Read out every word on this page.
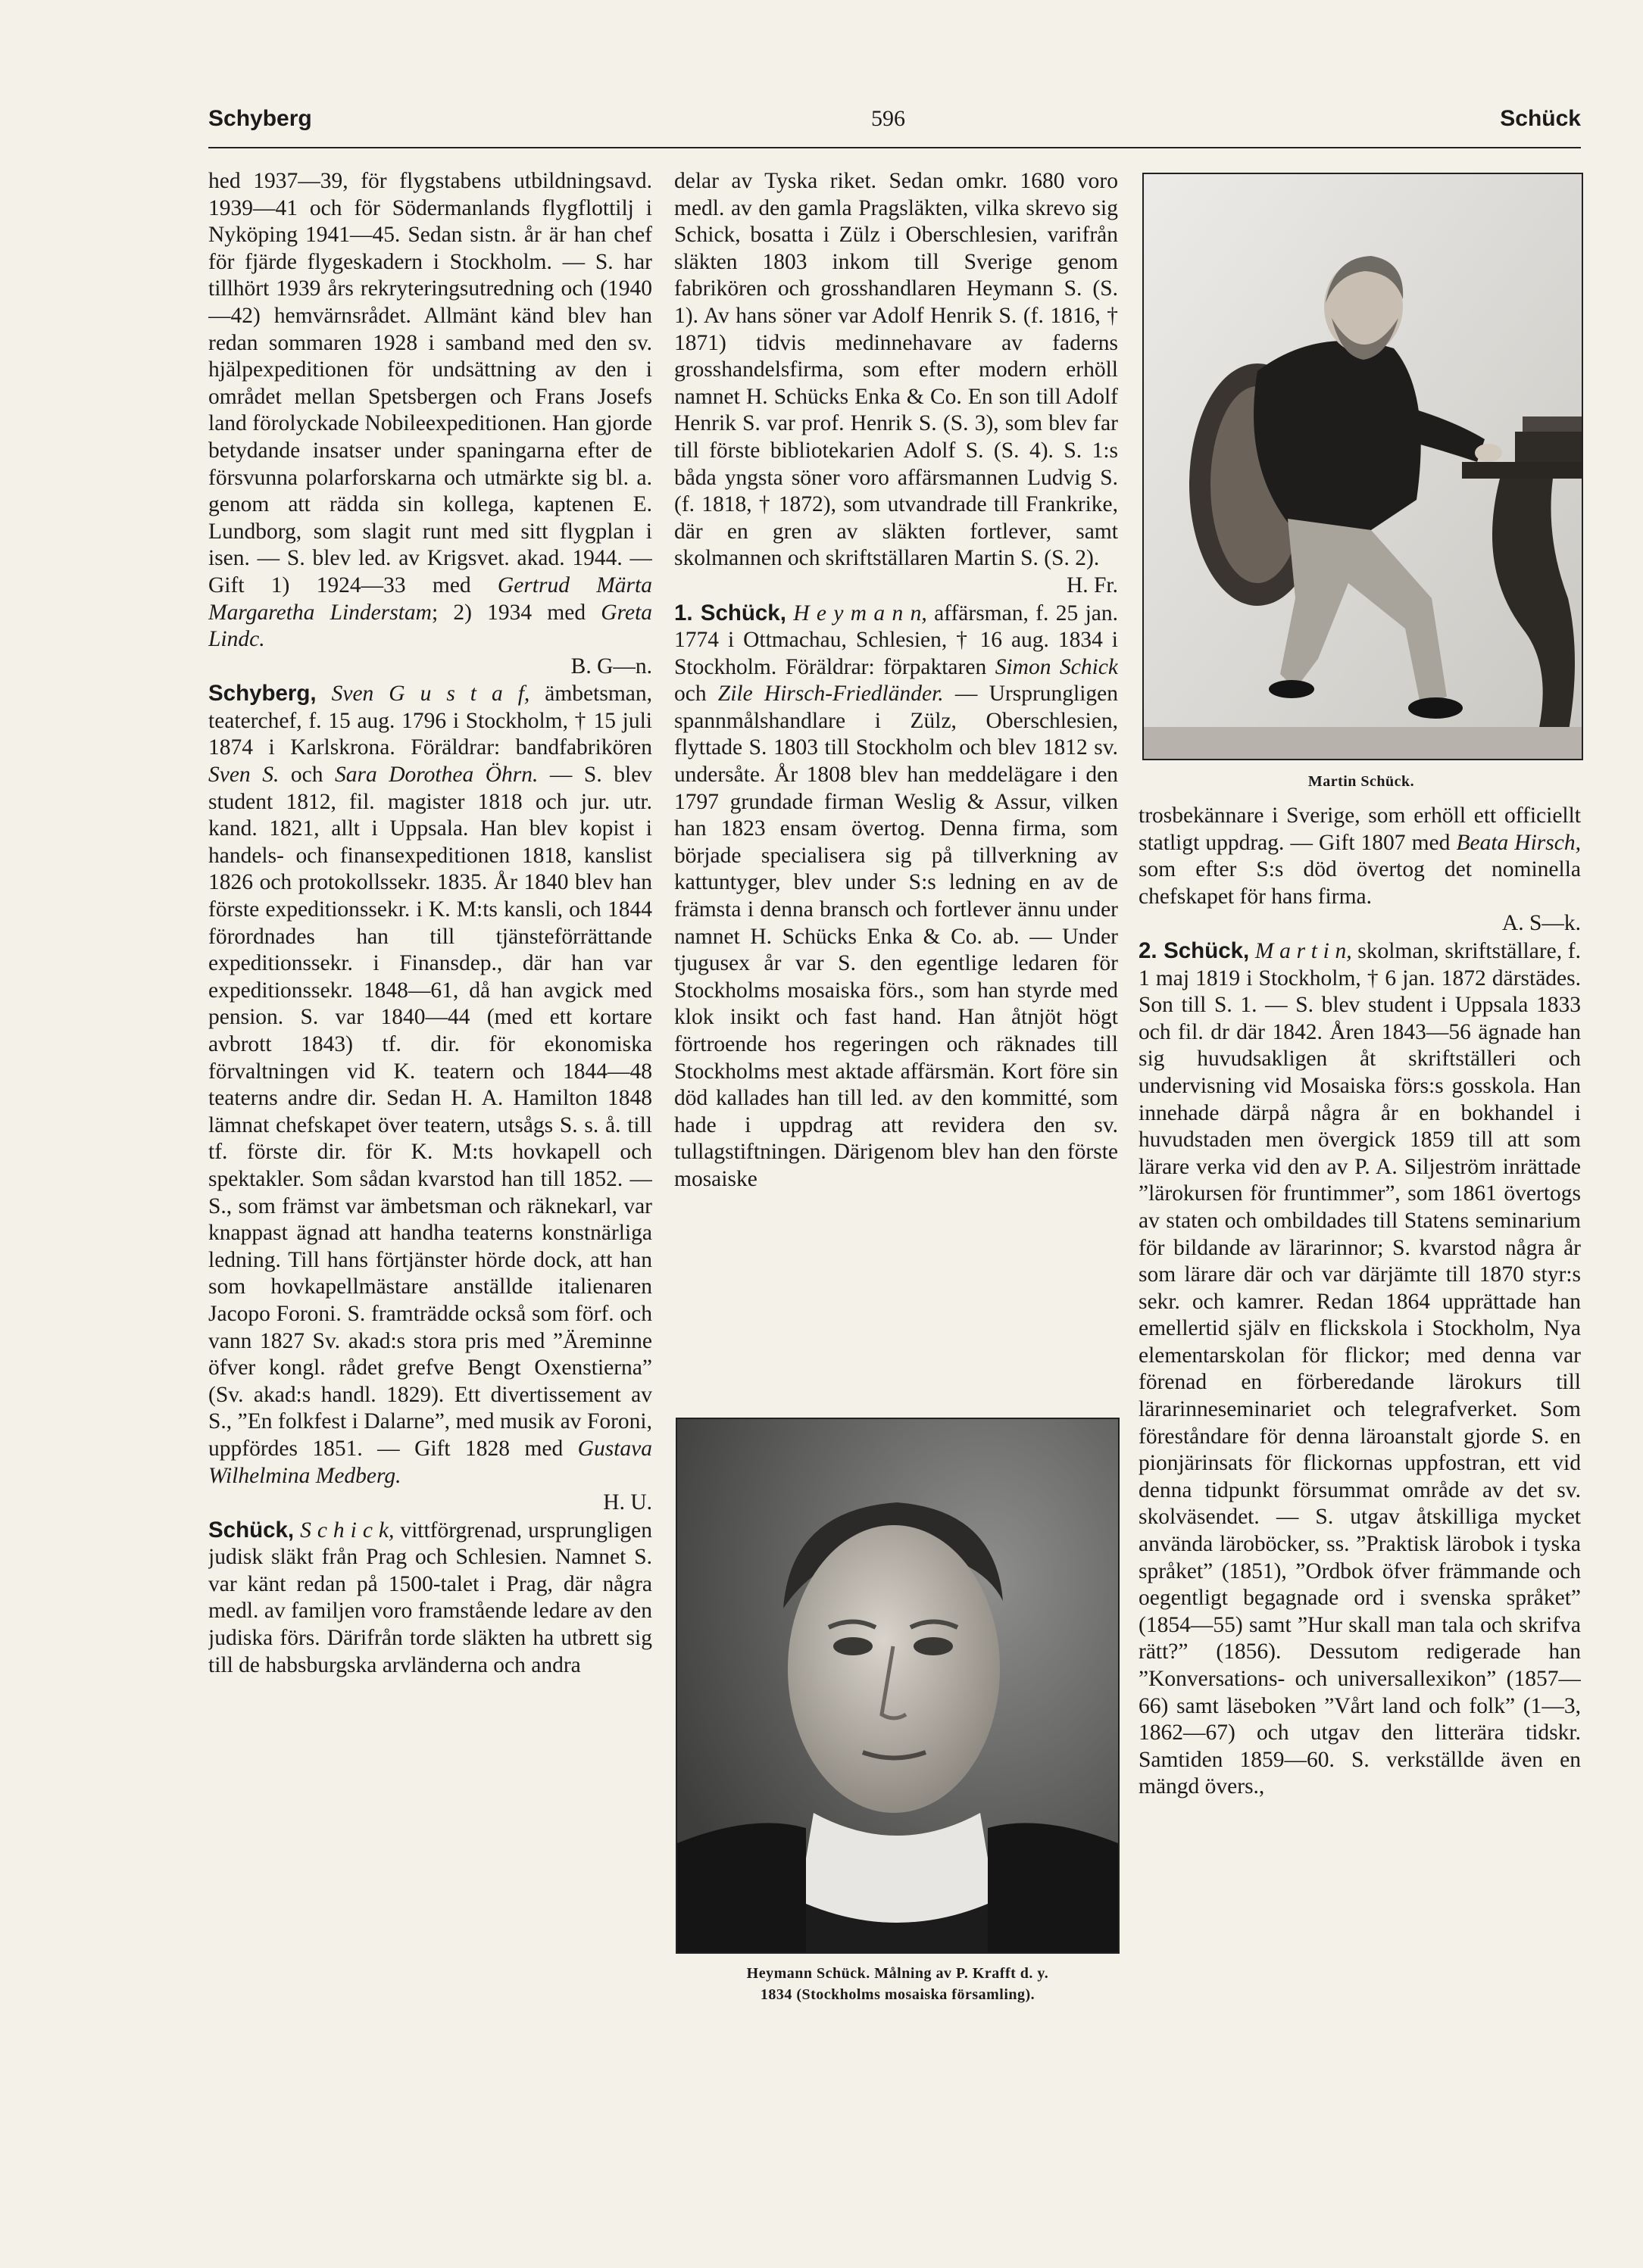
Schyberg	596	Schück

hed 1937—39, för flygstabens utbildningsavd. 1939—41 och för Södermanlands flygflottilj i Nyköping 1941—45. Sedan sistn. år är han chef för fjärde flygeskadern i Stockholm. — S. har tillhört 1939 års rekryteringsutredning och (1940—42) hemvärnsrådet. Allmänt känd blev han redan sommaren 1928 i samband med den sv. hjälpexpeditionen för undsättning av den i området mellan Spetsbergen och Frans Josefs land förolyckade Nobileexpeditionen. Han gjorde betydande insatser under spaningarna efter de försvunna polarforskarna och utmärkte sig bl. a. genom att rädda sin kollega, kaptenen E. Lundborg, som slagit runt med sitt flygplan i isen. — S. blev led. av Krigsvet. akad. 1944. — Gift 1) 1924—33 med Gertrud Märta Margaretha Linderstam; 2) 1934 med Greta Lindc.
B. G—n.

Schyberg, Sven G u s t a f, ämbetsman, teaterchef, f. 15 aug. 1796 i Stockholm, † 15 juli 1874 i Karlskrona. Föräldrar: bandfabrikören Sven S. och Sara Dorothea Öhrn. — S. blev student 1812, fil. magister 1818 och jur. utr. kand. 1821, allt i Uppsala. Han blev kopist i handels- och finansexpeditionen 1818, kanslist 1826 och protokollssekr. 1835. År 1840 blev han förste expeditionssekr. i K. M:ts kansli, och 1844 förordnades han till tjänsteförrättande expeditionssekr. i Finansdep., där han var expeditionssekr. 1848—61, då han avgick med pension. S. var 1840—44 (med ett kortare avbrott 1843) tf. dir. för ekonomiska förvaltningen vid K. teatern och 1844—48 teaterns andre dir. Sedan H. A. Hamilton 1848 lämnat chefskapet över teatern, utsågs S. s. å. till tf. förste dir. för K. M:ts hovkapell och spektakler. Som sådan kvarstod han till 1852. — S., som främst var ämbetsman och räknekarl, var knappast ägnad att handha teaterns konstnärliga ledning. Till hans förtjänster hörde dock, att han som hovkapellmästare anställde italienaren Jacopo Foroni. S. framträdde också som förf. och vann 1827 Sv. akad:s stora pris med ”Äreminne öfver kongl. rådet grefve Bengt Oxenstierna” (Sv. akad:s handl. 1829). Ett divertissement av S., ”En folkfest i Dalarne”, med musik av Foroni, uppfördes 1851. — Gift 1828 med Gustava Wilhelmina Medberg.
H. U.

Schück, S c h i c k, vittförgrenad, ursprungligen judisk släkt från Prag och Schlesien. Namnet S. var känt redan på 1500-talet i Prag, där några medl. av familjen voro framstående ledare av den judiska förs. Därifrån torde släkten ha utbrett sig till de habsburgska arvländerna och andra

delar av Tyska riket. Sedan omkr. 1680 voro medl. av den gamla Pragsläkten, vilka skrevo sig Schick, bosatta i Zülz i Oberschlesien, varifrån släkten 1803 inkom till Sverige genom fabrikören och grosshandlaren Heymann S. (S. 1). Av hans söner var Adolf Henrik S. (f. 1816, † 1871) tidvis medinnehavare av faderns grosshandelsfirma, som efter modern erhöll namnet H. Schücks Enka & Co. En son till Adolf Henrik S. var prof. Henrik S. (S. 3), som blev far till förste bibliotekarien Adolf S. (S. 4). S. 1:s båda yngsta söner voro affärsmannen Ludvig S. (f. 1818, † 1872), som utvandrade till Frankrike, där en gren av släkten fortlever, samt skolmannen och skriftställaren Martin S. (S. 2).
H. Fr.

1. Schück, H e y m a n n, affärsman, f. 25 jan. 1774 i Ottmachau, Schlesien, † 16 aug. 1834 i Stockholm. Föräldrar: förpaktaren Simon Schick och Zile Hirsch-Friedländer. — Ursprungligen spannmålshandlare i Zülz, Oberschlesien, flyttade S. 1803 till Stockholm och blev 1812 sv. undersåte. År 1808 blev han meddelägare i den 1797 grundade firman Weslig & Assur, vilken han 1823 ensam övertog. Denna firma, som började specialisera sig på tillverkning av kattuntyger, blev under S:s ledning en av de främsta i denna bransch och fortlever ännu under namnet H. Schücks Enka & Co. ab. — Under tjugusex år var S. den egentlige ledaren för Stockholms mosaiska förs., som han styrde med klok insikt och fast hand. Han åtnjöt högt förtroende hos regeringen och räknades till Stockholms mest aktade affärsmän. Kort före sin död kallades han till led. av den kommitté, som hade i uppdrag att revidera den sv. tullagstiftningen. Därigenom blev han den förste mosaiske

Martin Schück.
Heymann Schück. Målning av P. Krafft d. y.
1834 (Stockholms mosaiska församling).

trosbekännare i Sverige, som erhöll ett officiellt statligt uppdrag. — Gift 1807 med Beata Hirsch, som efter S:s död övertog det nominella chefskapet för hans firma.
A. S—k.

2. Schück, M a r t i n, skolman, skriftställare, f. 1 maj 1819 i Stockholm, † 6 jan. 1872 därstädes. Son till S. 1. — S. blev student i Uppsala 1833 och fil. dr där 1842. Åren 1843—56 ägnade han sig huvudsakligen åt skriftställeri och undervisning vid Mosaiska förs:s gosskola. Han innehade därpå några år en bokhandel i huvudstaden men övergick 1859 till att som lärare verka vid den av P. A. Siljeström inrättade ”lärokursen för fruntimmer”, som 1861 övertogs av staten och ombildades till Statens seminarium för bildande av lärarinnor; S. kvarstod några år som lärare där och var därjämte till 1870 styr:s sekr. och kamrer. Redan 1864 upprättade han emellertid själv en flickskola i Stockholm, Nya elementarskolan för flickor; med denna var förenad en förberedande lärokurs till lärarinneseminariet och telegrafverket. Som föreståndare för denna läroanstalt gjorde S. en pionjärinsats för flickornas uppfostran, ett vid denna tidpunkt försummat område av det sv. skolväsendet. — S. utgav åtskilliga mycket använda läroböcker, ss. ”Praktisk lärobok i tyska språket” (1851), ”Ordbok öfver främmande och oegentligt begagnade ord i svenska språket” (1854—55) samt ”Hur skall man tala och skrifva rätt?” (1856). Dessutom redigerade han ”Konversations- och universallexikon” (1857—66) samt läseboken ”Vårt land och folk” (1—3, 1862—67) och utgav den litterära tidskr. Samtiden 1859—60. S. verkställde även en mängd övers.,
